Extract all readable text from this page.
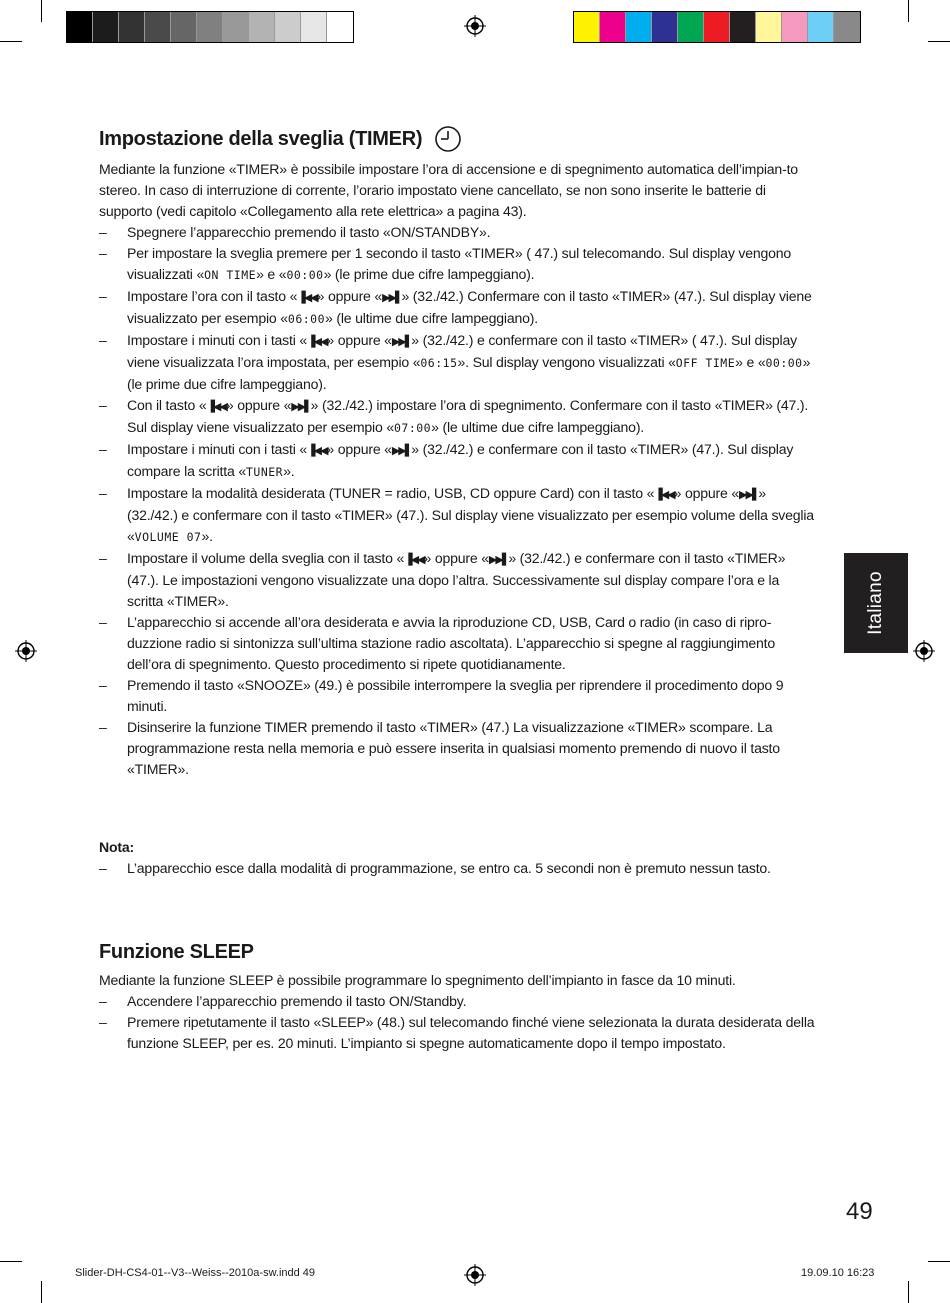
Impostazione della sveglia (TIMER)

Mediante la funzione «TIMER» è possibile impostare l’ora di accensione e di spegnimento automatica dell’impian-to stereo. In caso di interruzione di corrente, l’orario impostato viene cancellato, se non sono inserite le batterie di supporto (vedi capitolo «Collegamento alla rete elettrica» a pagina 43).

– Spegnere l’apparecchio premendo il tasto «ON/STANDBY».
– Per impostare la sveglia premere per 1 secondo il tasto «TIMER» ( 47.) sul telecomando. Sul display vengono visualizzati «ON TIME» e «00:00» (le prime due cifre lampeggiano).
– Impostare l’ora con il tasto «▐◀◀» oppure «▶▶▌» (32./42.) Confermare con il tasto «TIMER» (47.). Sul display viene visualizzato per esempio «06:00» (le ultime due cifre lampeggiano).
– Impostare i minuti con i tasti «▐◀◀» oppure «▶▶▌» (32./42.) e confermare con il tasto «TIMER» ( 47.). Sul display viene visualizzata l’ora impostata, per esempio «06:15». Sul display vengono visualizzati «OFF TIME» e «00:00» (le prime due cifre lampeggiano).
– Con il tasto «▐◀◀» oppure «▶▶▌» (32./42.) impostare l’ora di spegnimento. Confermare con il tasto «TIMER» (47.). Sul display viene visualizzato per esempio «07:00» (le ultime due cifre lampeggiano).
– Impostare i minuti con i tasti «▐◀◀» oppure «▶▶▌» (32./42.) e confermare con il tasto «TIMER» (47.). Sul display compare la scritta «TUNER».
– Impostare la modalità desiderata (TUNER = radio, USB, CD oppure Card) con il tasto «▐◀◀» oppure «▶▶▌» (32./42.) e confermare con il tasto «TIMER» (47.). Sul display viene visualizzato per esempio volume della sveglia «VOLUME 07».
– Impostare il volume della sveglia con il tasto «▐◀◀» oppure «▶▶▌» (32./42.) e confermare con il tasto «TIMER» (47.). Le impostazioni vengono visualizzate una dopo l’altra. Successivamente sul display compare l’ora e la scritta «TIMER».
– L’apparecchio si accende all’ora desiderata e avvia la riproduzione CD, USB, Card o radio (in caso di ripro-duzzione radio si sintonizza sull’ultima stazione radio ascoltata). L’apparecchio si spegne al raggiungimento dell’ora di spegnimento. Questo procedimento si ripete quotidianamente.
– Premendo il tasto «SNOOZE» (49.) è possibile interrompere la sveglia per riprendere il procedimento dopo 9 minuti.
– Disinserire la funzione TIMER premendo il tasto «TIMER» (47.) La visualizzazione «TIMER» scompare. La programmazione resta nella memoria e può essere inserita in qualsiasi momento premendo di nuovo il tasto «TIMER».

Nota:

– L’apparecchio esce dalla modalità di programmazione, se entro ca. 5 secondi non è premuto nessun tasto.
Funzione SLEEP

Mediante la funzione SLEEP è possibile programmare lo spegnimento dell’impianto in fasce da 10 minuti.

– Accendere l’apparecchio premendo il tasto ON/Standby.
– Premere ripetutamente il tasto «SLEEP» (48.) sul telecomando finché viene selezionata la durata desiderata della funzione SLEEP, per es. 20 minuti. L’impianto si spegne automaticamente dopo il tempo impostato.
Italiano
49
Slider-DH-CS4-01--V3--Weiss--2010a-sw.indd 49	19.09.10 16:23
